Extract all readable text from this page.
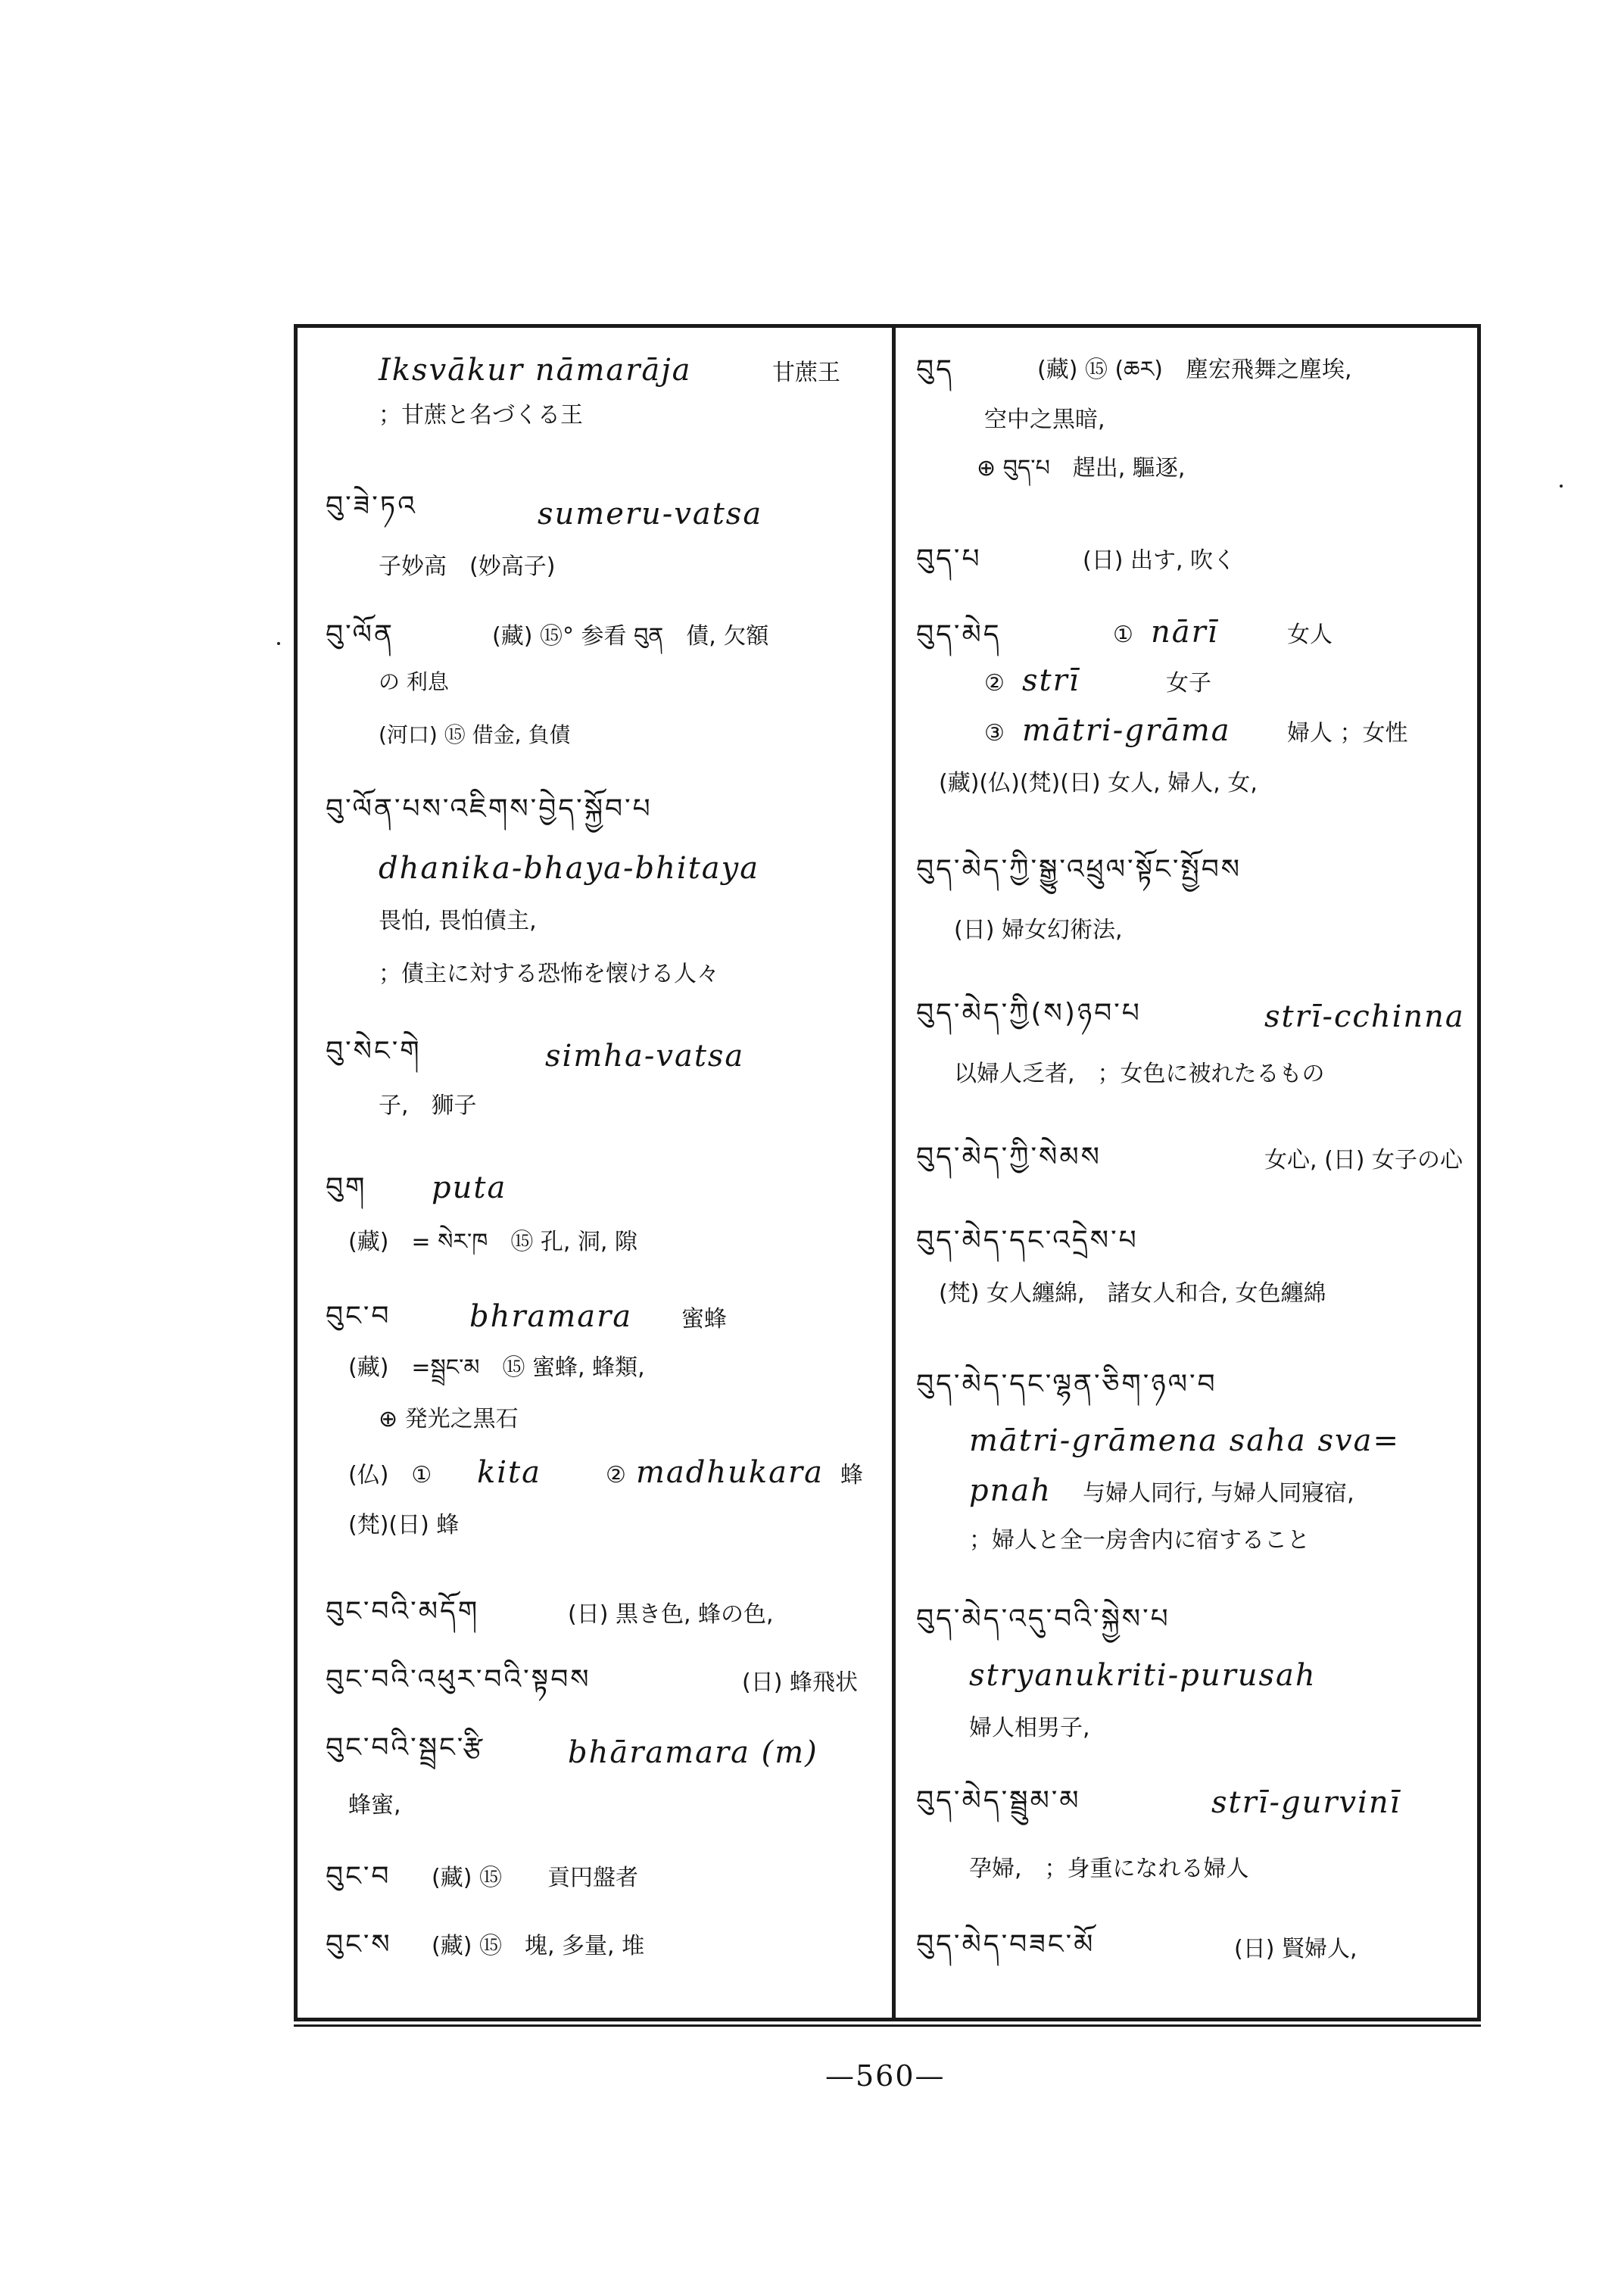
Iksvākur nāmarāja	甘蔗王
；甘蔗と名づくる王
བུ་ཟེ་ཏའ	sumeru-vatsa
子妙高　(妙高子)
བུ་ལོན	(藏) ⑮° 参看 བུན　債, 欠額
の 利息
(河口) ⑮ 借金, 負債
བུ་ལོན་པས་འཇིགས་བྱེད་སྐྱོབ་པ
dhanika-bhaya-bhitaya
畏怕, 畏怕債主,
；債主に対する恐怖を懐ける人々
བུ་སེང་གེ	simha-vatsa
子,　狮子
བུག puta
(藏)　= སེར་ཁ　⑮ 孔, 洞, 隙
བུང་བ	bhramara 蜜蜂
(藏)　=སྦྲང་མ　⑮ 蜜蜂, 蜂類,
⊕ 発光之黒石
(仏)　① kita	② madhukara 蜂
(梵)(日) 蜂
བུང་བའི་མདོག	(日) 黒き色, 蜂の色,
བུང་བའི་འཕུར་བའི་སྟབས	(日) 蜂飛状
བུང་བའི་སྦྲང་རྩི	bhāramara (m)
蜂蜜,
བུང་བ (藏) ⑮　　貢円盤者
བུང་ས (藏) ⑮　塊, 多量, 堆
བུད	(藏) ⑮ (ཆར)　塵宏飛舞之塵埃,
空中之黒暗,
⊕ བུད་པ　趕出, 驅逐,
བུད་པ	(日) 出す, 吹く
བུད་མེད	① nārī	女人
② strī	女子
③ mātri-grāma 婦人 ；女性
(藏)(仏)(梵)(日) 女人, 婦人, 女,
བུད་མེད་ཀྱི་སྒྱུ་འཕྲུལ་སྟོང་སྤྱོབས
(日) 婦女幻術法,
བུད་མེད་ཀྱི(ས)ཉབ་པ	strī-cchinna
以婦人乏者,　；女色に被れたるもの
བུད་མེད་ཀྱི་སེམས	女心, (日) 女子の心
བུད་མེད་དང་འདྲེས་པ
(梵) 女人纏綿,　諸女人和合, 女色纏綿
བུད་མེད་དང་ལྷན་ཅིག་ཉལ་བ
mātri-grāmena saha sva=
pnah 与婦人同行, 与婦人同寢宿,
；婦人と全一房舎内に宿すること
བུད་མེད་འདུ་བའི་སྐྱེས་པ
stryanukriti-purusah
婦人相男子,
བུད་མེད་སྦྲུམ་མ	strī-gurvinī
孕婦,　；身重になれる婦人
བུད་མེད་བཟང་མོ	(日) 賢婦人,
—560—
